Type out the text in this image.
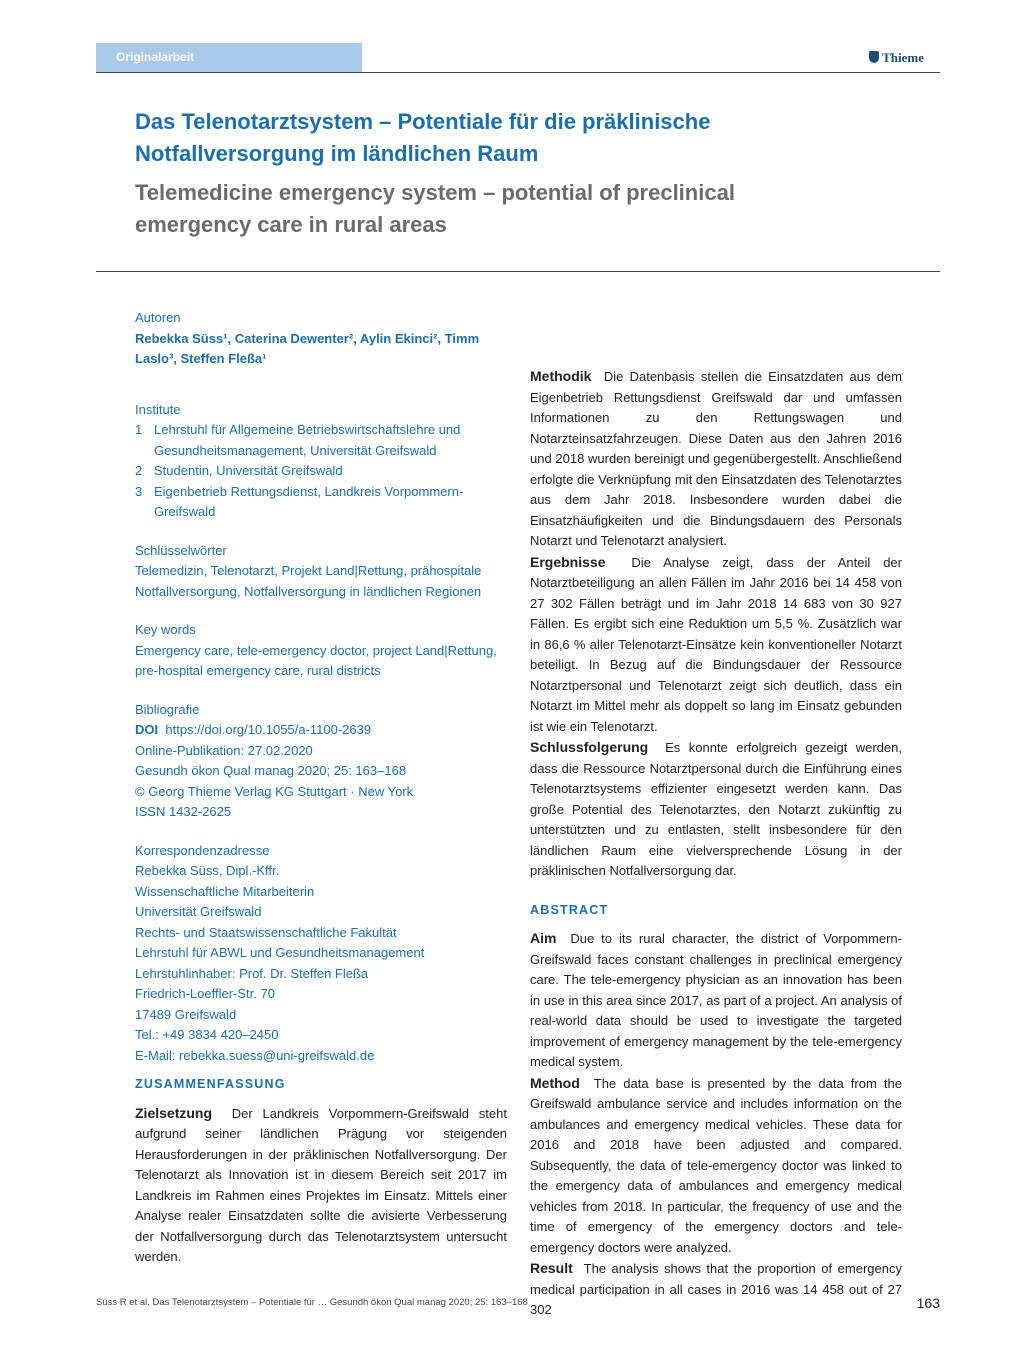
Originalarbeit	Thieme
Das Telenotarztsystem – Potentiale für die präklinische Notfallversorgung im ländlichen Raum
Telemedicine emergency system – potential of preclinical emergency care in rural areas
Autoren
Rebekka Süss¹, Caterina Dewenter², Aylin Ekinci², Timm Laslo³, Steffen Fleßa¹
Institute
1 Lehrstuhl für Allgemeine Betriebswirtschaftslehre und Gesundheitsmanagement, Universität Greifswald
2 Studentin, Universität Greifswald
3 Eigenbetrieb Rettungsdienst, Landkreis Vorpommern-Greifswald
Schlüsselwörter
Telemedizin, Telenotarzt, Projekt Land|Rettung, prähospitale Notfallversorgung, Notfallversorgung in ländlichen Regionen
Key words
Emergency care, tele-emergency doctor, project Land|Rettung, pre-hospital emergency care, rural districts
Bibliografie
DOI https://doi.org/10.1055/a-1100-2639
Online-Publikation: 27.02.2020
Gesundh ökon Qual manag 2020; 25: 163–168
© Georg Thieme Verlag KG Stuttgart · New York
ISSN 1432-2625
Korrespondenzadresse
Rebekka Süss, Dipl.-Kffr.
Wissenschaftliche Mitarbeiterin
Universität Greifswald
Rechts- und Staatswissenschaftliche Fakultät
Lehrstuhl für ABWL und Gesundheitsmanagement
Lehrstuhlinhaber: Prof. Dr. Steffen Fleßa
Friedrich-Loeffler-Str. 70
17489 Greifswald
Tel.: +49 3834 420–2450
E-Mail: rebekka.suess@uni-greifswald.de
ZUSAMMENFASSUNG
Zielsetzung Der Landkreis Vorpommern-Greifswald steht aufgrund seiner ländlichen Prägung vor steigenden Herausforderungen in der präklinischen Notfallversorgung. Der Telenotarzt als Innovation ist in diesem Bereich seit 2017 im Landkreis im Rahmen eines Projektes im Einsatz. Mittels einer Analyse realer Einsatzdaten sollte die avisierte Verbesserung der Notfallversorgung durch das Telenotarztsystem untersucht werden.
Methodik Die Datenbasis stellen die Einsatzdaten aus dem Eigenbetrieb Rettungsdienst Greifswald dar und umfassen Informationen zu den Rettungswagen und Notarzteinsatzfahrzeugen. Diese Daten aus den Jahren 2016 und 2018 wurden bereinigt und gegenübergestellt. Anschließend erfolgte die Verknüpfung mit den Einsatzdaten des Telenotarztes aus dem Jahr 2018. Insbesondere wurden dabei die Einsatzhäufigkeiten und die Bindungsdauern des Personals Notarzt und Telenotarzt analysiert.
Ergebnisse Die Analyse zeigt, dass der Anteil der Notarztbeteiligung an allen Fällen im Jahr 2016 bei 14 458 von 27 302 Fällen beträgt und im Jahr 2018 14 683 von 30 927 Fällen. Es ergibt sich eine Reduktion um 5,5 %. Zusätzlich war in 86,6 % aller Telenotarzt-Einsätze kein konventioneller Notarzt beteiligt. In Bezug auf die Bindungsdauer der Ressource Notarztpersonal und Telenotarzt zeigt sich deutlich, dass ein Notarzt im Mittel mehr als doppelt so lang im Einsatz gebunden ist wie ein Telenotarzt.
Schlussfolgerung Es konnte erfolgreich gezeigt werden, dass die Ressource Notarztpersonal durch die Einführung eines Telenotarztsystems effizienter eingesetzt werden kann. Das große Potential des Telenotarztes, den Notarzt zukünftig zu unterstützten und zu entlasten, stellt insbesondere für den ländlichen Raum eine vielversprechende Lösung in der präklinischen Notfallversorgung dar.
ABSTRACT
Aim Due to its rural character, the district of Vorpommern-Greifswald faces constant challenges in preclinical emergency care. The tele-emergency physician as an innovation has been in use in this area since 2017, as part of a project. An analysis of real-world data should be used to investigate the targeted improvement of emergency management by the tele-emergency medical system.
Method The data base is presented by the data from the Greifswald ambulance service and includes information on the ambulances and emergency medical vehicles. These data for 2016 and 2018 have been adjusted and compared. Subsequently, the data of tele-emergency doctor was linked to the emergency data of ambulances and emergency medical vehicles from 2018. In particular, the frequency of use and the time of emergency of the emergency doctors and tele-emergency doctors were analyzed.
Result The analysis shows that the proportion of emergency medical participation in all cases in 2016 was 14 458 out of 27 302
Süss R et al. Das Telenotarztsystem – Potentiale für … Gesundh ökon Qual manag 2020; 25: 163–168	163
